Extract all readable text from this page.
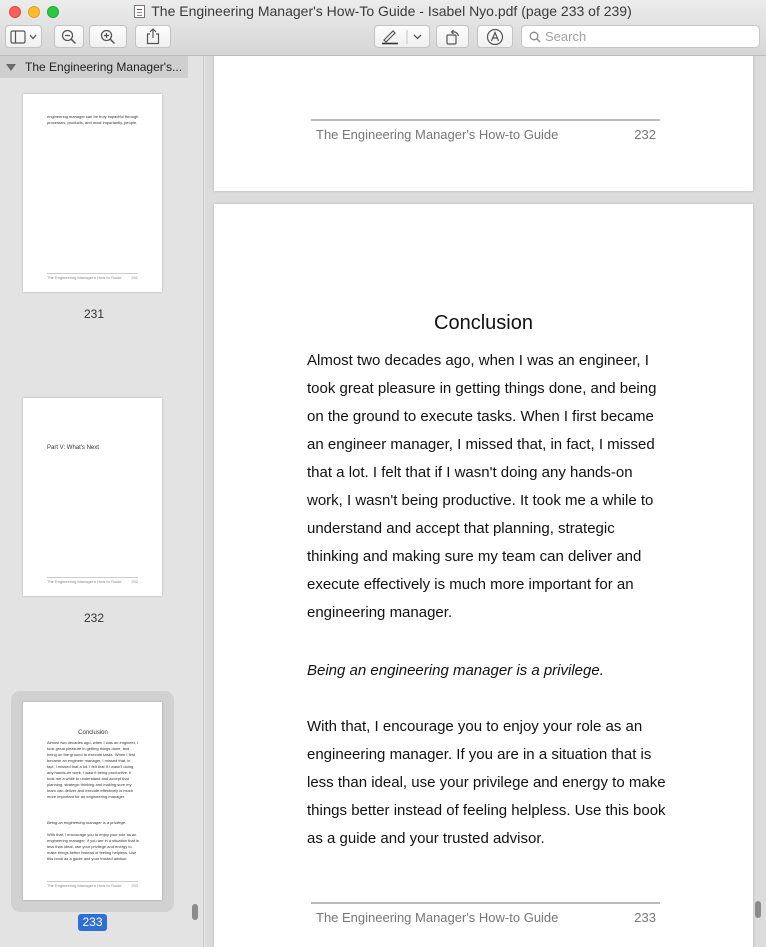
The Engineering Manager's How-To Guide - Isabel Nyo.pdf (page 233 of 239)
Search
The Engineering Manager's...
engineering manager can be truly impactful through processes, products, and most importantly, people.
The Engineering Manager's How-to Guide 231
231
Part V: What's Next
The Engineering Manager's How-to Guide 232
232
Conclusion
Almost two decades ago, when I was an engineer, I took great pleasure in getting things done, and being on the ground to execute tasks. When I first became an engineer manager, I missed that, in fact, I missed that a lot. I felt that if I wasn't doing any hands-on work, I wasn't being productive. It took me a while to understand and accept that planning, strategic thinking and making sure my team can deliver and execute effectively is much more important for an engineering manager.
Being an engineering manager is a privilege.
With that, I encourage you to enjoy your role as an engineering manager. If you are in a situation that is less than ideal, use your privilege and energy to make things better instead of feeling helpless. Use this book as a guide and your trusted advisor.
The Engineering Manager's How-to Guide 233
233
The Engineering Manager's How-to Guide	232
Conclusion
Almost two decades ago, when I was an engineer, I took great pleasure in getting things done, and being on the ground to execute tasks. When I first became an engineer manager, I missed that, in fact, I missed that a lot. I felt that if I wasn't doing any hands-on work, I wasn't being productive. It took me a while to understand and accept that planning, strategic thinking and making sure my team can deliver and execute effectively is much more important for an engineering manager.
Being an engineering manager is a privilege.
With that, I encourage you to enjoy your role as an engineering manager. If you are in a situation that is less than ideal, use your privilege and energy to make things better instead of feeling helpless. Use this book as a guide and your trusted advisor.
The Engineering Manager's How-to Guide	233
